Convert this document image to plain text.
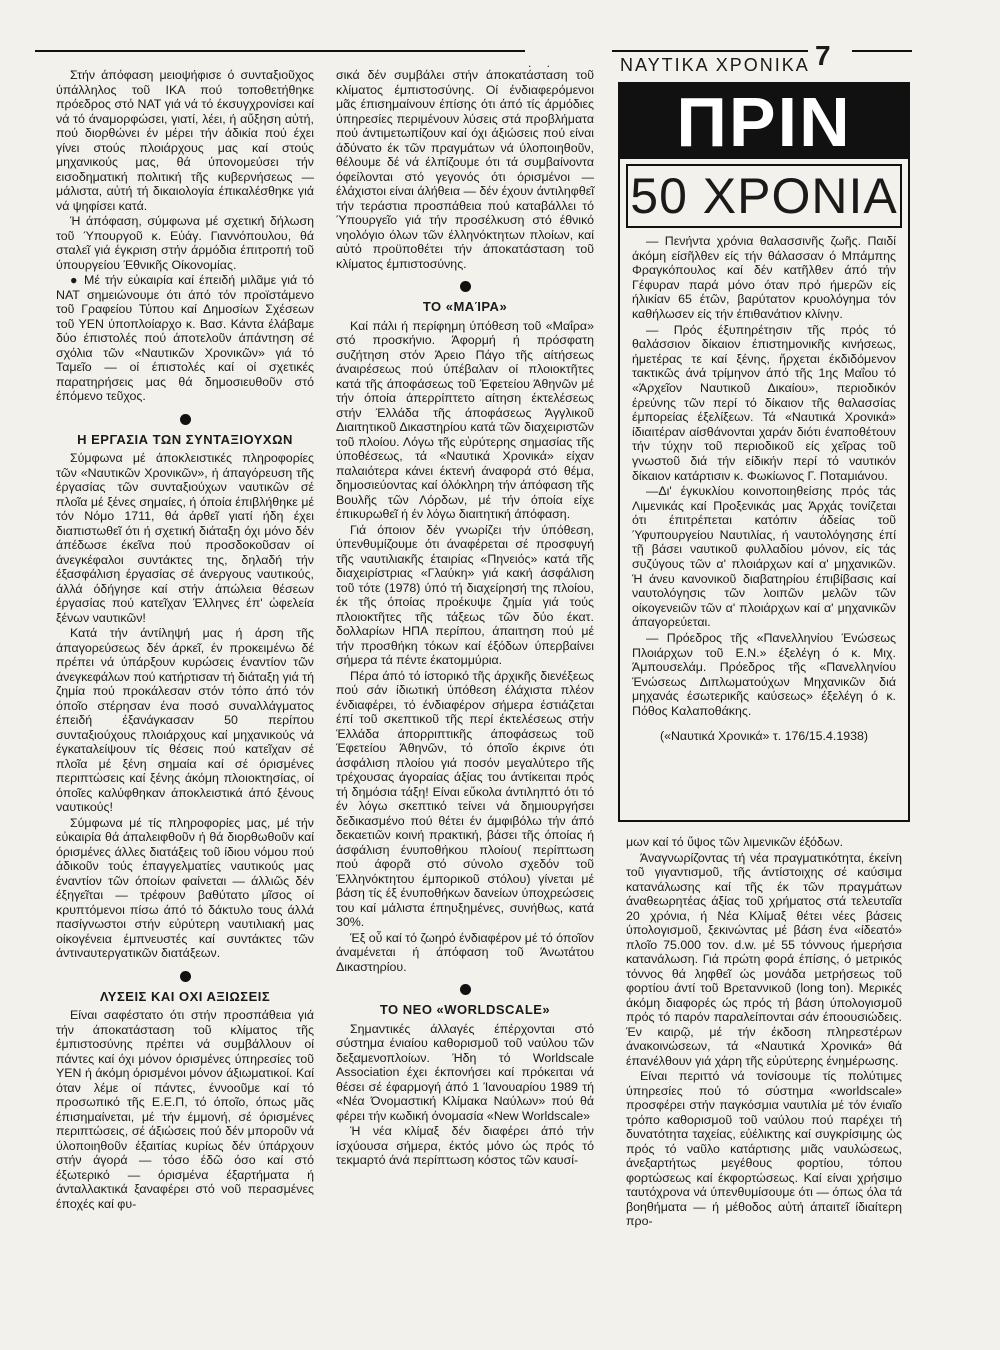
. .	ΝΑΥΤΙΚΑ ΧΡΟΝΙΚΑ 7

Στήν άπόφαση μειοψήφισε ό συνταξιοῦχος ύπάλληλος τοῦ ΙΚΑ πού τοποθετήθηκε πρόεδρος στό ΝΑΤ γιά νά τό έκσυγχρονίσει καί νά τό άναμορφώσει, γιατί, λέει, ή αὔξηση αὐτή, πού διορθώνει έν μέρει τήν άδικία πού έχει γίνει στούς πλοιάρχους μας καί στούς μηχανικούς μας, θά ύπονομεύσει τήν εισοδηματική πολιτική τῆς κυβερνήσεως — μάλιστα, αὐτή τή δικαιολογία έπικαλέσθηκε γιά νά ψηφίσει κατά.

Ή άπόφαση, σύμφωνα μέ σχετική δήλωση τοῦ Ύπουργοῦ κ. Εὐάγ. Γιαννόπουλου, θά σταλεῖ γιά έγκριση στήν άρμόδια έπιτροπή τοῦ ύπουργείου Έθνικῆς Οίκονομίας.

● Μέ τήν εὐκαιρία καί έπειδή μιλᾶμε γιά τό ΝΑΤ σημειώνουμε ότι άπό τόν προϊστάμενο τοῦ Γραφείου Τύπου καί Δημοσίων Σχέσεων τοῦ ΥΕΝ ύποπλοίαρχο κ. Βασ. Κάντα έλάβαμε δύο έπιστολές πού άποτελοῦν άπάντηση σέ σχόλια τῶν «Ναυτικῶν Χρονικῶν» γιά τό Ταμεῖο — οί έπιστολές καί οί σχετικές παρατηρήσεις μας θά δημοσιευθοῦν στό έπόμενο τεῦχος.

Η ΕΡΓΑΣΙΑ ΤΩΝ ΣΥΝΤΑΞΙΟΥΧΩΝ

Σύμφωνα μέ άποκλειστικές πληροφορίες τῶν «Ναυτικῶν Χρονικῶν», ή άπαγόρευση τῆς έργασίας τῶν συνταξιούχων ναυτικῶν σέ πλοῖα μέ ξένες σημαίες, ή όποία έπιβλήθηκε μέ τόν Νόμο 1711, θά άρθεῖ γιατί ήδη έχει διαπιστωθεῖ ότι ή σχετική διάταξη όχι μόνο δέν άπέδωσε έκεῖνα πού προσδοκοῦσαν οί άνεγκέφαλοι συντάκτες της, δηλαδή τήν έξασφάλιση έργασίας σέ άνεργους ναυτικούς, άλλά όδήγησε καί στήν άπώλεια θέσεων έργασίας πού κατεῖχαν Έλληνες έπ' ὠφελεία ξένων ναυτικῶν!

Κατά τήν άντίληψή μας ή άρση τῆς άπαγορεύσεως δέν άρκεῖ, έν προκειμένω δέ πρέπει νά ύπάρξουν κυρώσεις έναντίον τῶν άνεγκεφάλων πού κατήρτισαν τή διάταξη γιά τή ζημία πού προκάλεσαν στόν τόπο άπό τόν όποῖο στέρησαν ένα ποσό συναλλάγματος έπειδή έξανάγκασαν 50 περίπου συνταξιούχους πλοιάρχους καί μηχανικούς νά έγκαταλείψουν τίς θέσεις πού κατεῖχαν σέ πλοῖα μέ ξένη σημαία καί σέ όρισμένες περιπτώσεις καί ξένης άκόμη πλοιοκτησίας, οί όποῖες καλύφθηκαν άποκλειστικά άπό ξένους ναυτικούς!

Σύμφωνα μέ τίς πληροφορίες μας, μέ τήν εὐκαιρία θά άπαλειφθοῦν ή θά διορθωθοῦν καί όρισμένες άλλες διατάξεις τοῦ ίδιου νόμου πού άδικοῦν τούς έπαγγελματίες ναυτικούς μας έναντίον τῶν όποίων φαίνεται — άλλιῶς δέν έξηγεῖται — τρέφουν βαθύτατο μῖσος οί κρυπτόμενοι πίσω άπό τό δάκτυλο τους άλλά πασίγνωστοι στήν εὐρύτερη ναυτιλιακή μας οίκογένεια έμπνευστές καί συντάκτες τῶν άντιναυτεργατικῶν διατάξεων.

ΛΥΣΕΙΣ ΚΑΙ ΟΧΙ ΑΞΙΩΣΕΙΣ

Είναι σαφέστατο ότι στήν προσπάθεια γιά τήν άποκατάσταση τοῦ κλίματος τῆς έμπιστοσύνης πρέπει νά συμβάλλουν οί πάντες καί όχι μόνον όρισμένες ύπηρεσίες τοῦ ΥΕΝ ή άκόμη όρισμένοι μόνον άξιωματικοί. Καί όταν λέμε οί πάντες, έννοοῦμε καί τό προσωπικό τῆς Ε.Ε.Π, τό όποῖο, όπως μᾶς έπισημαίνεται, μέ τήν έμμονή, σέ όρισμένες περιπτώσεις, σέ άξιώσεις πού δέν μποροῦν νά ύλοποιηθοῦν έξαιτίας κυρίως δέν ύπάρχουν στήν άγορά — τόσο έδῶ όσο καί στό έξωτερικό — όρισμένα έξαρτήματα ή άνταλλακτικά ξαναφέρει στό νοῦ περασμένες έποχές καί φυ-

σικά δέν συμβάλει στήν άποκατάσταση τοῦ κλίματος έμπιστοσύνης. Οί ένδιαφερόμενοι μᾶς έπισημαίνουν έπίσης ότι άπό τίς άρμόδιες ύπηρεσίες περιμένουν λύσεις στά προβλήματα πού άντιμετωπίζουν καί όχι άξιώσεις πού είναι άδύνατο έκ τῶν πραγμάτων νά ύλοποιηθοῦν, θέλουμε δέ νά έλπίζουμε ότι τά συμβαίνοντα όφείλονται στό γεγονός ότι όρισμένοι — έλάχιστοι είναι άλήθεια — δέν έχουν άντιληφθεῖ τήν τεράστια προσπάθεια πού καταβάλλει τό Ύπουργεῖο γιά τήν προσέλκυση στό έθνικό νηολόγιο όλων τῶν έλληνόκτητων πλοίων, καί αὐτό προϋποθέτει τήν άποκατάσταση τοῦ κλίματος έμπιστοσύνης.

ΤΟ «ΜΑΊΡΑ»

Καί πάλι ή περίφημη ύπόθεση τοῦ «Μαΐρα» στό προσκήνιο. Άφορμή ή πρόσφατη συζήτηση στόν Άρειο Πάγο τῆς αίτήσεως άναιρέσεως πού ύπέβαλαν οί πλοιοκτῆτες κατά τῆς άποφάσεως τοῦ Έφετείου Άθηνῶν μέ τήν όποία άπερρίπτετο αίτηση έκτελέσεως στήν Έλλάδα τῆς άποφάσεως Άγγλικοῦ Διαιτητικοῦ Δικαστηρίου κατά τῶν διαχειριστῶν τοῦ πλοίου. Λόγω τῆς εὐρύτερης σημασίας τῆς ύποθέσεως, τά «Ναυτικά Χρονικά» είχαν παλαιότερα κάνει έκτενή άναφορά στό θέμα, δημοσιεύοντας καί όλόκληρη τήν άπόφαση τῆς Βουλῆς τῶν Λόρδων, μέ τήν όποία είχε έπικυρωθεῖ ή έν λόγω διαιτητική άπόφαση.

Γιά όποιον δέν γνωρίζει τήν ύπόθεση, ύπενθυμίζουμε ότι άναφέρεται σέ προσφυγή τῆς ναυτιλιακῆς έταιρίας «Πηνειός» κατά τῆς διαχειρίστριας «Γλαύκη» γιά κακή άσφάλιση τοῦ τότε (1978) ύπό τή διαχείρησή της πλοίου, έκ τῆς όποίας προέκυψε ζημία γιά τούς πλοιοκτῆτες τῆς τάξεως τῶν δύο έκατ. δολλαρίων ΗΠΑ περίπου, άπαιτηση πού μέ τήν προσθήκη τόκων καί έξόδων ύπερβαίνει σήμερα τά πέντε έκατομμύρια.

Πέρα άπό τό ίστορικό τῆς άρχικῆς διενέξεως πού σάν ίδιωτική ύπόθεση έλάχιστα πλέον ένδιαφέρει, τό ένδιαφέρον σήμερα έστιάζεται έπί τοῦ σκεπτικοῦ τῆς περί έκτελέσεως στήν Έλλάδα άπορριπτικῆς άποφάσεως τοῦ Έφετείου Άθηνῶν, τό όποῖο έκρινε ότι άσφάλιση πλοίου γιά ποσόν μεγαλύτερο τῆς τρέχουσας άγοραίας άξίας του άντίκειται πρός τή δημόσια τάξη! Είναι εὔκολα άντιληπτό ότι τό έν λόγω σκεπτικό τείνει νά δημιουργήσει δεδικασμένο πού θέτει έν άμφιβόλω τήν άπό δεκαετιῶν κοινή πρακτική, βάσει τῆς όποίας ή άσφάλιση ένυποθήκου πλοίου( περίπτωση πού άφορᾶ στό σύνολο σχεδόν τοῦ Έλληνόκτητου έμπορικοῦ στόλου) γίνεται μέ βάση τίς έξ ένυποθήκων δανείων ύποχρεώσεις του καί μάλιστα έπηυξημένες, συνήθως, κατά 30%.

Έξ οὗ καί τό ζωηρό ένδιαφέρον μέ τό όποῖον άναμένεται ή άπόφαση τοῦ Άνωτάτου Δικαστηρίου.

ΤΟ ΝΕΟ «WORLDSCALE»

Σημαντικές άλλαγές έπέρχονται στό σύστημα ένιαίου καθορισμοῦ τοῦ ναύλου τῶν δεξαμενοπλοίων. Ήδη τό Worldscale Association έχει έκπονήσει καί πρόκειται νά θέσει σέ έφαρμογή άπό 1 Ίανουαρίου 1989 τή «Νέα Όνομαστική Κλίμακα Ναύλων» πού θά φέρει τήν κωδική όνομασία «New Worldscale»

Ή νέα κλίμαξ δέν διαφέρει άπό τήν ίσχύουσα σήμερα, έκτός μόνο ώς πρός τό τεκμαρτό άνά περίπτωση κόστος τῶν καυσί-

ΠΡΙΝ
50 ΧΡΟΝΙΑ

— Πενήντα χρόνια θαλασσινῆς ζωῆς. Παιδί άκόμη είσῆλθεν είς τήν θάλασσαν ό Μπάμπης Φραγκόπουλος καί δέν κατῆλθεν άπό τήν Γέφυραν παρά μόνο όταν πρό ήμερῶν είς ήλικίαν 65 έτῶν, βαρύτατον κρυολόγημα τόν καθήλωσεν είς τήν έπιθανάτιον κλίνην.

— Πρός έξυπηρέτησιν τῆς πρός τό θαλάσσιον δίκαιον έπιστημονικῆς κινήσεως, ήμετέρας τε καί ξένης, ἤρχεται έκδιδόμενον τακτικῶς άνά τρίμηνον άπό τῆς 1ης Μαΐου τό «Άρχεῖον Ναυτικοῦ Δικαίου», περιοδικόν έρεύνης τῶν περί τό δίκαιον τῆς θαλασσίας έμπορείας έξελίξεων. Τά «Ναυτικά Χρονικά» ίδιαιτέραν αίσθάνονται χαράν διότι έναποθέτουν τήν τύχην τοῦ περιοδικοῦ είς χεῖρας τοῦ γνωστοῦ διά τήν είδικήν περί τό ναυτικόν δίκαιον κατάρτισιν κ. Φωκίωνος Γ. Ποταμιάνου.

—Δι' έγκυκλίου κοινοποιηθείσης πρός τάς Λιμενικάς καί Προξενικάς μας Άρχάς τονίζεται ότι έπιτρέπεται κατόπιν άδείας τοῦ Ύφυπουργείου Ναυτιλίας, ή ναυτολόγησης έπί τῇ βάσει ναυτικοῦ φυλλαδίου μόνον, είς τάς συζύγους τῶν α' πλοιάρχων καί α' μηχανικῶν. Ή άνευ κανονικοῦ διαβατηρίου έπιβίβασις καί ναυτολόγησις τῶν λοιπῶν μελῶν τῶν οίκογενειῶν τῶν α' πλοιάρχων καί α' μηχανικῶν άπαγορεύεται.

— Πρόεδρος τῆς «Πανελληνίου Ένώσεως Πλοιάρχων τοῦ Ε.Ν.» έξελέγη ό κ. Μιχ. Άμπουσελάμ. Πρόεδρος τῆς «Πανελληνίου Ένώσεως Διπλωματούχων Μηχανικῶν διά μηχανάς έσωτερικῆς καύσεως» έξελέγη ό κ. Πόθος Καλαποθάκης.

(«Ναυτικά Χρονικά» τ. 176/15.4.1938)

μων καί τό ὕψος τῶν λιμενικῶν έξόδων.

Άναγνωρίζοντας τή νέα πραγματικότητα, έκείνη τοῦ γιγαντισμοῦ, τῆς άντίστοιχης σέ καύσιμα κατανάλωσης καί τῆς έκ τῶν πραγμάτων άναθεωρητέας άξίας τοῦ χρήματος στά τελευταῖα 20 χρόνια, ή Νέα Κλίμαξ θέτει νέες βάσεις ύπολογισμοῦ, ξεκινώντας μέ βάση ένα «ίδεατό» πλοῖο 75.000 τον. d.w. μέ 55 τόννους ήμερήσια κατανάλωση. Γιά πρώτη φορά έπίσης, ό μετρικός τόννος θά ληφθεῖ ώς μονάδα μετρήσεως τοῦ φορτίου άντί τοῦ Βρεταννικοῦ (long ton). Μερικές άκόμη διαφορές ώς πρός τή βάση ύπολογισμοῦ πρός τό παρόν παραλείπονται σάν έποουσιώδεις. Έν καιρῷ, μέ τήν έκδοση πληρεστέρων άνακοινώσεων, τά «Ναυτικά Χρονικά» θά έπανέλθουν γιά χάρη τῆς εὐρύτερης ένημέρωσης.

Είναι περιττό νά τονίσουμε τίς πολύτιμες ύπηρεσίες πού τό σύστημα «worldscale» προσφέρει στήν παγκόσμια ναυτιλία μέ τόν ένιαῖο τρόπο καθορισμοῦ τοῦ ναύλου πού παρέχει τή δυνατότητα ταχείας, εὐέλικτης καί συγκρίσιμης ώς πρός τό ναῦλο κατάρτισης μιᾶς ναυλώσεως, άνεξαρτήτως μεγέθους φορτίου, τόπου φορτώσεως καί έκφορτώσεως. Καί είναι χρήσιμο ταυτόχρονα νά ύπενθυμίσουμε ότι — όπως όλα τά βοηθήματα — ή μέθοδος αὐτή άπαιτεῖ ίδιαίτερη προ-
